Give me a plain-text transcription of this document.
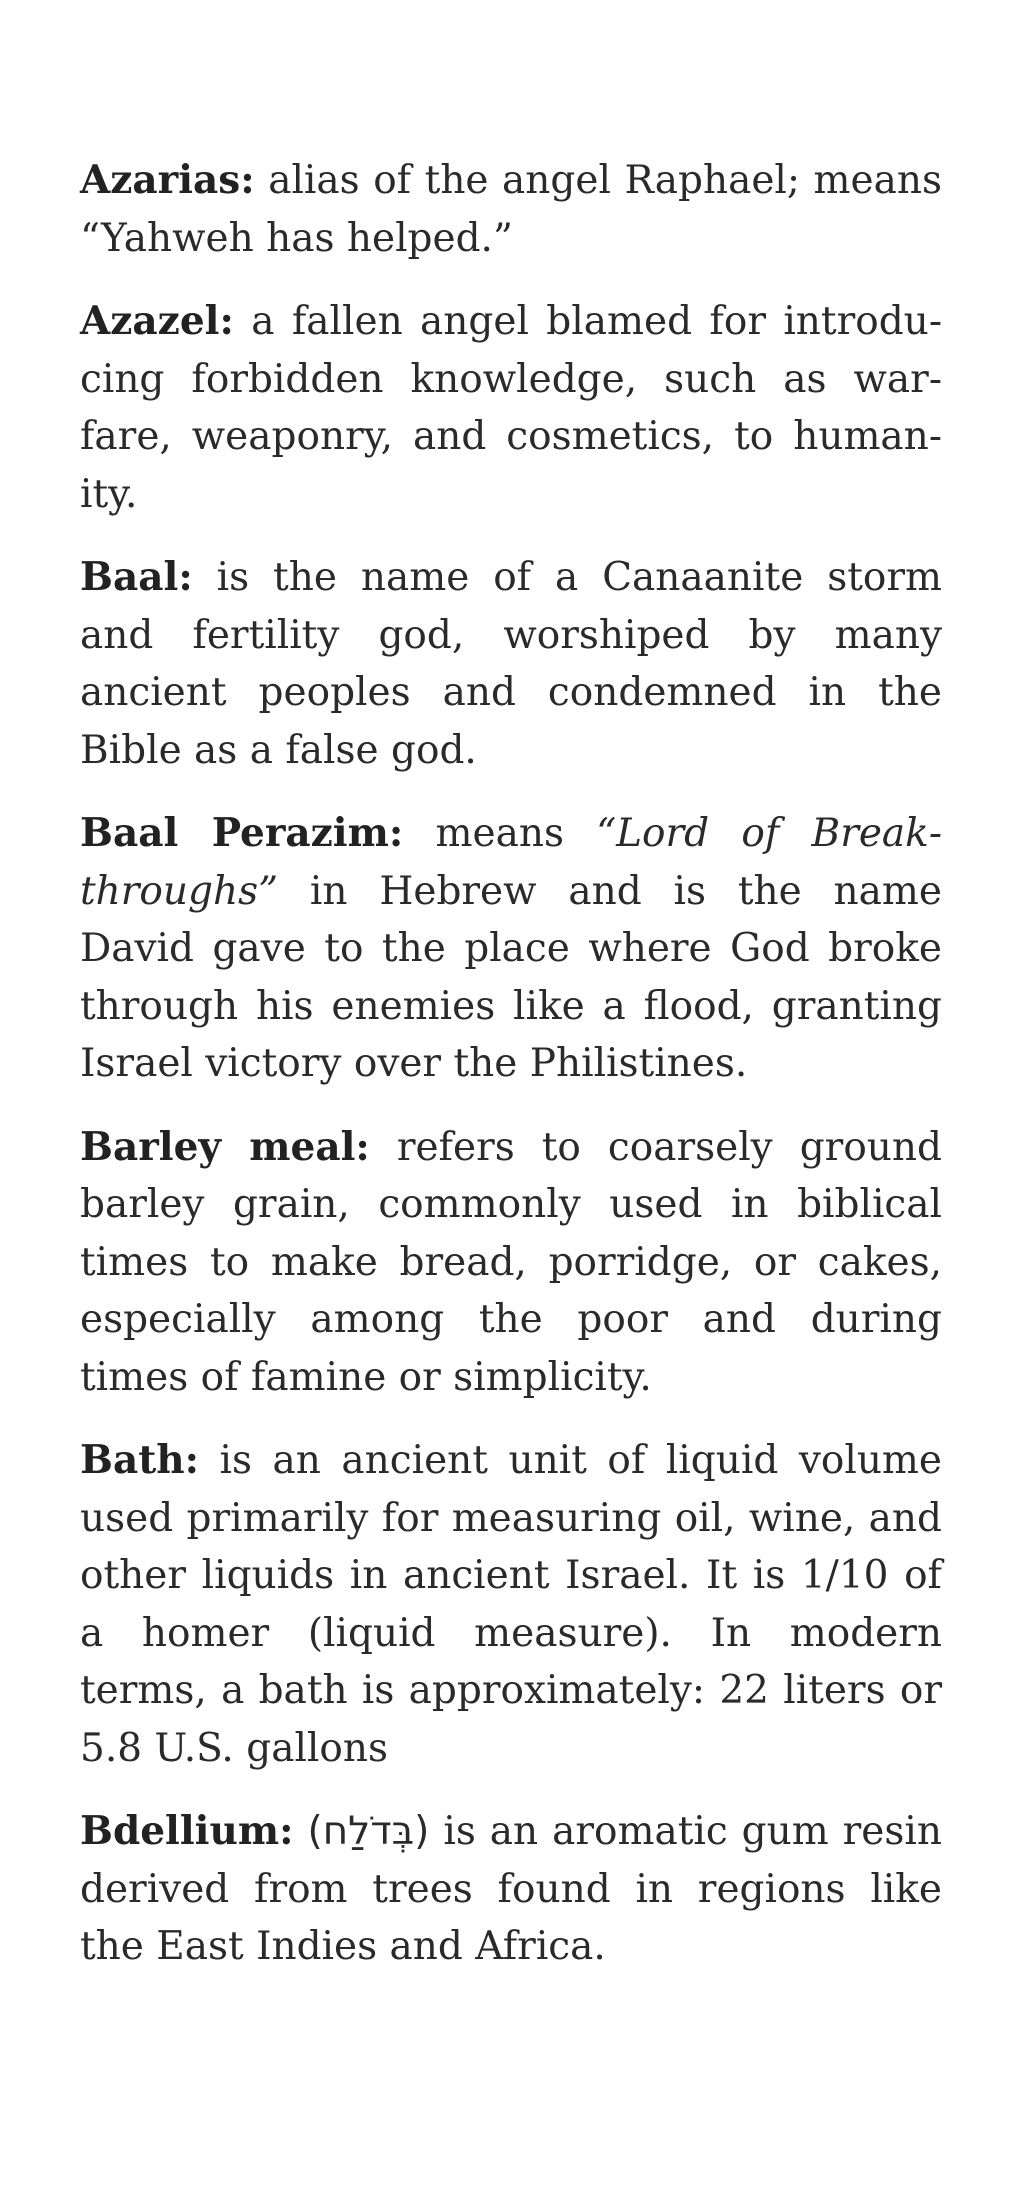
Azarias: alias of the angel Raphael; means “Yahweh has helped.”

Azazel: a fallen angel blamed for introducing forbidden knowledge, such as warfare, weaponry, and cosmetics, to humanity.

Baal: is the name of a Canaanite storm and fertility god, worshiped by many ancient peoples and condemned in the Bible as a false god.

Baal Perazim: means “Lord of Breakthroughs” in Hebrew and is the name David gave to the place where God broke through his enemies like a flood, granting Israel victory over the Philistines.

Barley meal: refers to coarsely ground barley grain, commonly used in biblical times to make bread, porridge, or cakes, especially among the poor and during times of famine or simplicity.

Bath: is an ancient unit of liquid volume used primarily for measuring oil, wine, and other liquids in ancient Israel. It is 1/10 of a homer (liquid measure). In modern terms, a bath is approximately: 22 liters or 5.8 U.S. gallons

Bdellium: (בְּדֹלַח) is an aromatic gum resin derived from trees found in regions like the East Indies and Africa.
